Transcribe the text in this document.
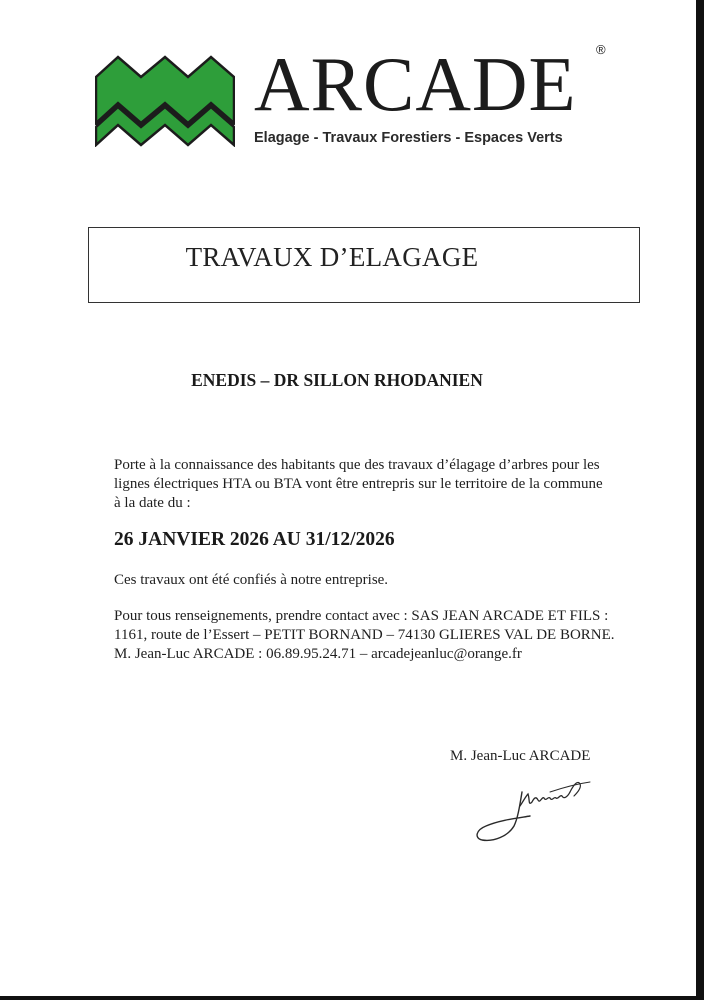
ARCADE ®
Elagage - Travaux Forestiers - Espaces Verts
TRAVAUX D’ELAGAGE
ENEDIS – DR SILLON RHODANIEN
Porte à la connaissance des habitants que des travaux d’élagage d’arbres pour les
lignes électriques HTA ou BTA vont être entrepris sur le territoire de la commune
à la date du :
26 JANVIER 2026 AU 31/12/2026
Ces travaux ont été confiés à notre entreprise.
Pour tous renseignements, prendre contact avec : SAS JEAN ARCADE ET FILS :
1161, route de l’Essert – PETIT BORNAND – 74130 GLIERES VAL DE BORNE.
M. Jean-Luc ARCADE : 06.89.95.24.71 – arcadejeanluc@orange.fr
M. Jean-Luc ARCADE
